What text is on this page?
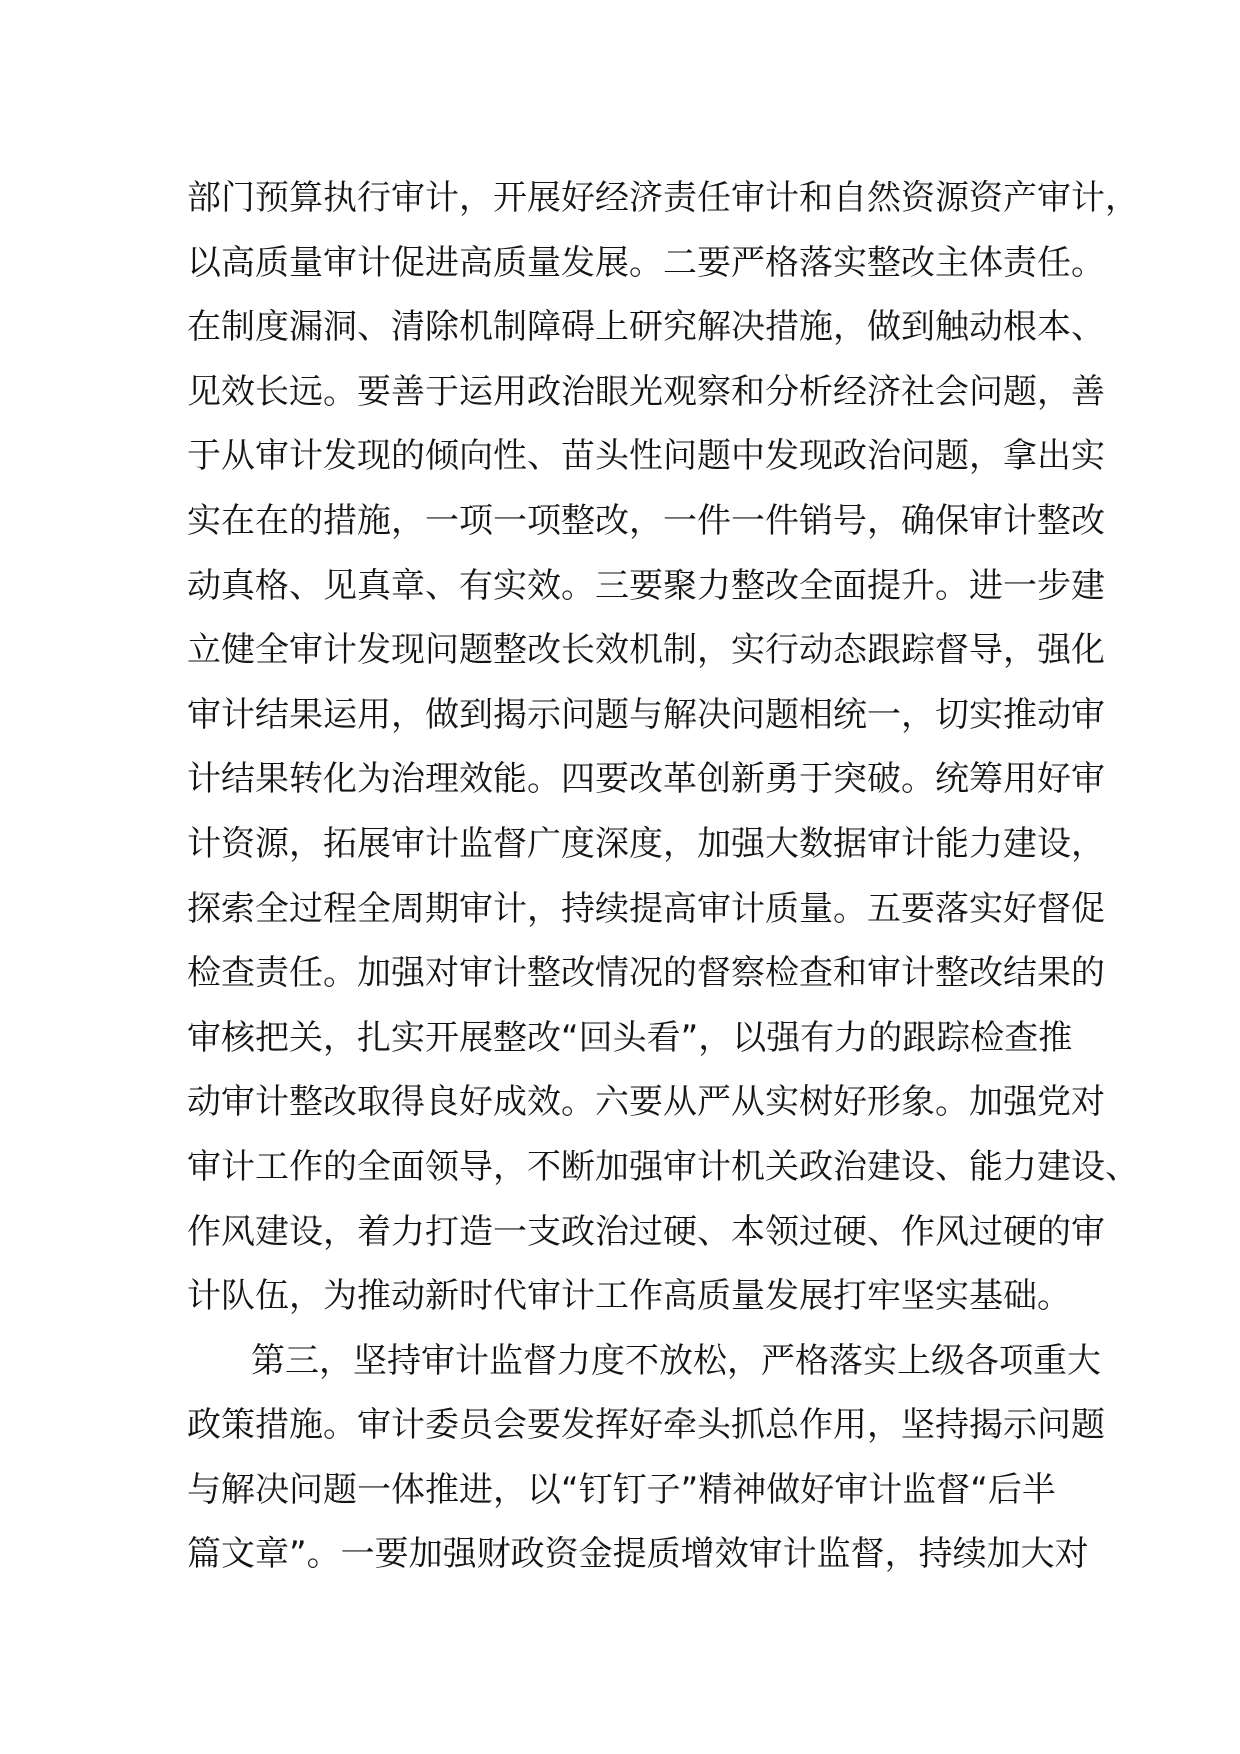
部门预算执行审计，开展好经济责任审计和自然资源资产审计，
以高质量审计促进高质量发展。二要严格落实整改主体责任。
在制度漏洞、清除机制障碍上研究解决措施，做到触动根本、
见效长远。要善于运用政治眼光观察和分析经济社会问题，善
于从审计发现的倾向性、苗头性问题中发现政治问题，拿出实
实在在的措施，一项一项整改，一件一件销号，确保审计整改
动真格、见真章、有实效。三要聚力整改全面提升。进一步建
立健全审计发现问题整改长效机制，实行动态跟踪督导，强化
审计结果运用，做到揭示问题与解决问题相统一，切实推动审
计结果转化为治理效能。四要改革创新勇于突破。统筹用好审
计资源，拓展审计监督广度深度，加强大数据审计能力建设，
探索全过程全周期审计，持续提高审计质量。五要落实好督促
检查责任。加强对审计整改情况的督察检查和审计整改结果的
审核把关，扎实开展整改“回头看”，以强有力的跟踪检查推
动审计整改取得良好成效。六要从严从实树好形象。加强党对
审计工作的全面领导，不断加强审计机关政治建设、能力建设、
作风建设，着力打造一支政治过硬、本领过硬、作风过硬的审
计队伍，为推动新时代审计工作高质量发展打牢坚实基础。
第三，坚持审计监督力度不放松，严格落实上级各项重大
政策措施。审计委员会要发挥好牵头抓总作用，坚持揭示问题
与解决问题一体推进，以“钉钉子”精神做好审计监督“后半
篇文章”。一要加强财政资金提质增效审计监督，持续加大对
